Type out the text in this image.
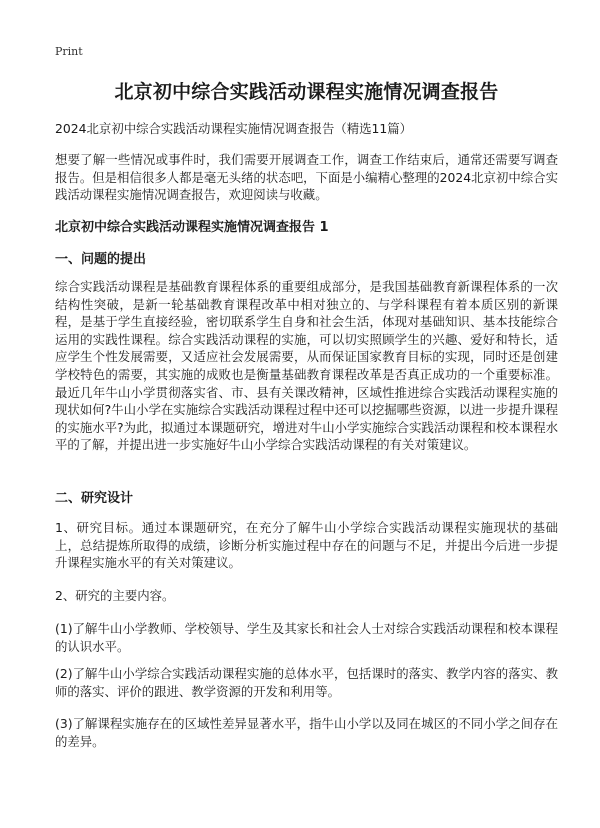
Print
北京初中综合实践活动课程实施情况调查报告

2024北京初中综合实践活动课程实施情况调查报告（精选11篇）

想要了解一些情况或事件时，我们需要开展调查工作，调查工作结束后，通常还需要写调查报告。但是相信很多人都是毫无头绪的状态吧，下面是小编精心整理的2024北京初中综合实践活动课程实施情况调查报告，欢迎阅读与收藏。

北京初中综合实践活动课程实施情况调查报告 1
一、问题的提出

综合实践活动课程是基础教育课程体系的重要组成部分，是我国基础教育新课程体系的一次结构性突破，是新一轮基础教育课程改革中相对独立的、与学科课程有着本质区别的新课程，是基于学生直接经验，密切联系学生自身和社会生活，体现对基础知识、基本技能综合运用的实践性课程。综合实践活动课程的实施，可以切实照顾学生的兴趣、爱好和特长，适应学生个性发展需要，又适应社会发展需要，从而保证国家教育目标的实现，同时还是创建学校特色的需要，其实施的成败也是衡量基础教育课程改革是否真正成功的一个重要标准。最近几年牛山小学贯彻落实省、市、县有关课改精神，区域性推进综合实践活动课程实施的现状如何?牛山小学在实施综合实践活动课程过程中还可以挖掘哪些资源，以进一步提升课程的实施水平?为此，拟通过本课题研究，增进对牛山小学实施综合实践活动课程和校本课程水平的了解，并提出进一步实施好牛山小学综合实践活动课程的有关对策建议。

二、研究设计

1、研究目标。通过本课题研究，在充分了解牛山小学综合实践活动课程实施现状的基础上，总结提炼所取得的成绩，诊断分析实施过程中存在的问题与不足，并提出今后进一步提升课程实施水平的有关对策建议。

2、研究的主要内容。

(1)了解牛山小学教师、学校领导、学生及其家长和社会人士对综合实践活动课程和校本课程的认识水平。

(2)了解牛山小学综合实践活动课程实施的总体水平，包括课时的落实、教学内容的落实、教师的落实、评价的跟进、教学资源的开发和利用等。

(3)了解课程实施存在的区域性差异显著水平，指牛山小学以及同在城区的不同小学之间存在的差异。
